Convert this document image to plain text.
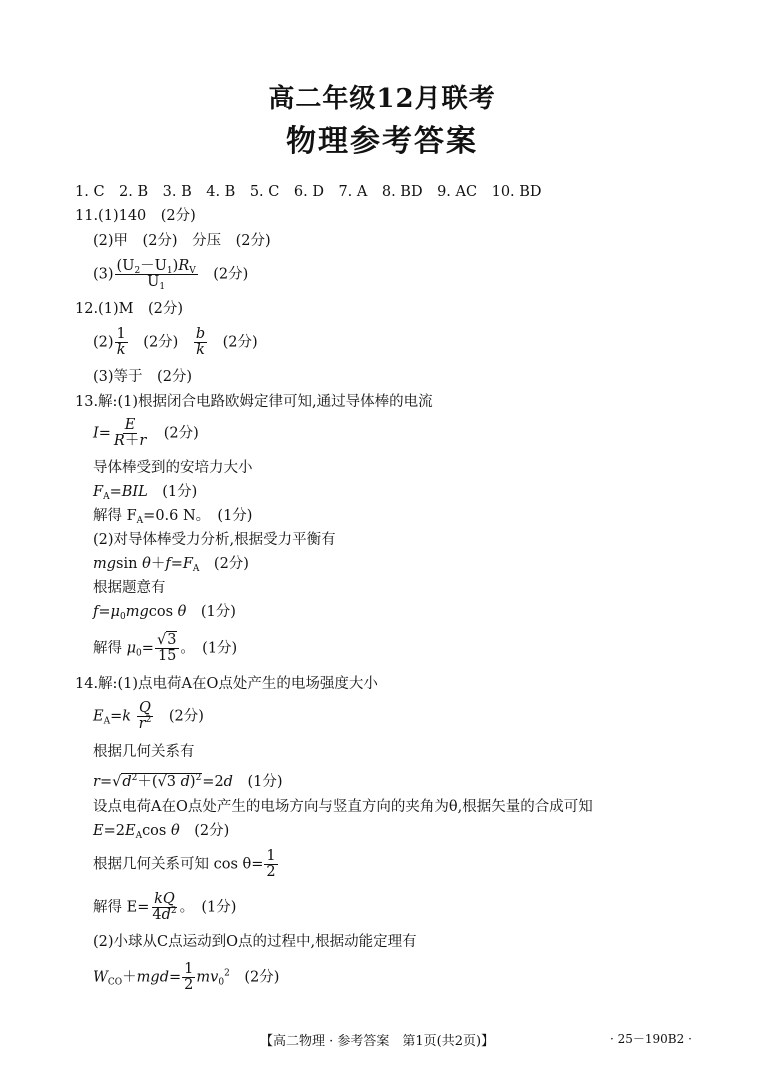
高二年级12月联考
物理参考答案
1. C　2. B　3. B　4. B　5. C　6. D　7. A　8. BD　9. AC　10. BD
11.(1)140　(2分)
(2)甲　(2分)　分压　(2分)
$(3) \frac{(U_2-U_1)R_V}{U_1}$ 　(2分)
12.(1)M　(2分)
$(2) \frac{1}{k}$ 　(2分)　 $\frac{b}{k}$ 　(2分)
(3)等于　(2分)
13.解:(1)根据闭合电路欧姆定律可知,通过导体棒的电流
$I= \frac{E}{R+r}$ 　(2分)
导体棒受到的安培力大小
$F_A=BIL$　 (1分)
解得 $F_A=0.6$ N。　(1分)
(2)对导体棒受力分析,根据受力平衡有
mgsin $\theta+f=F_A$　 (2分)
根据题意有
$f=\mu_0mgcos$ θ　 (1分)
解得 $\mu_0= \frac{√3}{15}$ 。　(1分)
14.解:(1)点电荷A在O点处产生的电场强度大小
$E_A=k \frac{Q}{r^2}$
　 (2分)
根据几何关系有
$r=√d^2+(√3$ d)$^2$=2d　 (1分)
设点电荷A在O点处产生的电场方向与竖直方向的夹角为θ,根据矢量的合成可知
$E=2E_A\cos$ θ　 (2分)
根据几何关系可知 $\cos \theta= \frac{1}{2}$
解得 $E= \frac{kQ}{4d^2}$ 。　(1分)
(2)小球从C点运动到O点的过程中,根据动能定理有
$W_{CO}+mgd= \frac{1}{2} mv_0^2$　 (2分)
【高二物理 · 参考答案　第1页(共2页)】	· 25－190B2 ·
